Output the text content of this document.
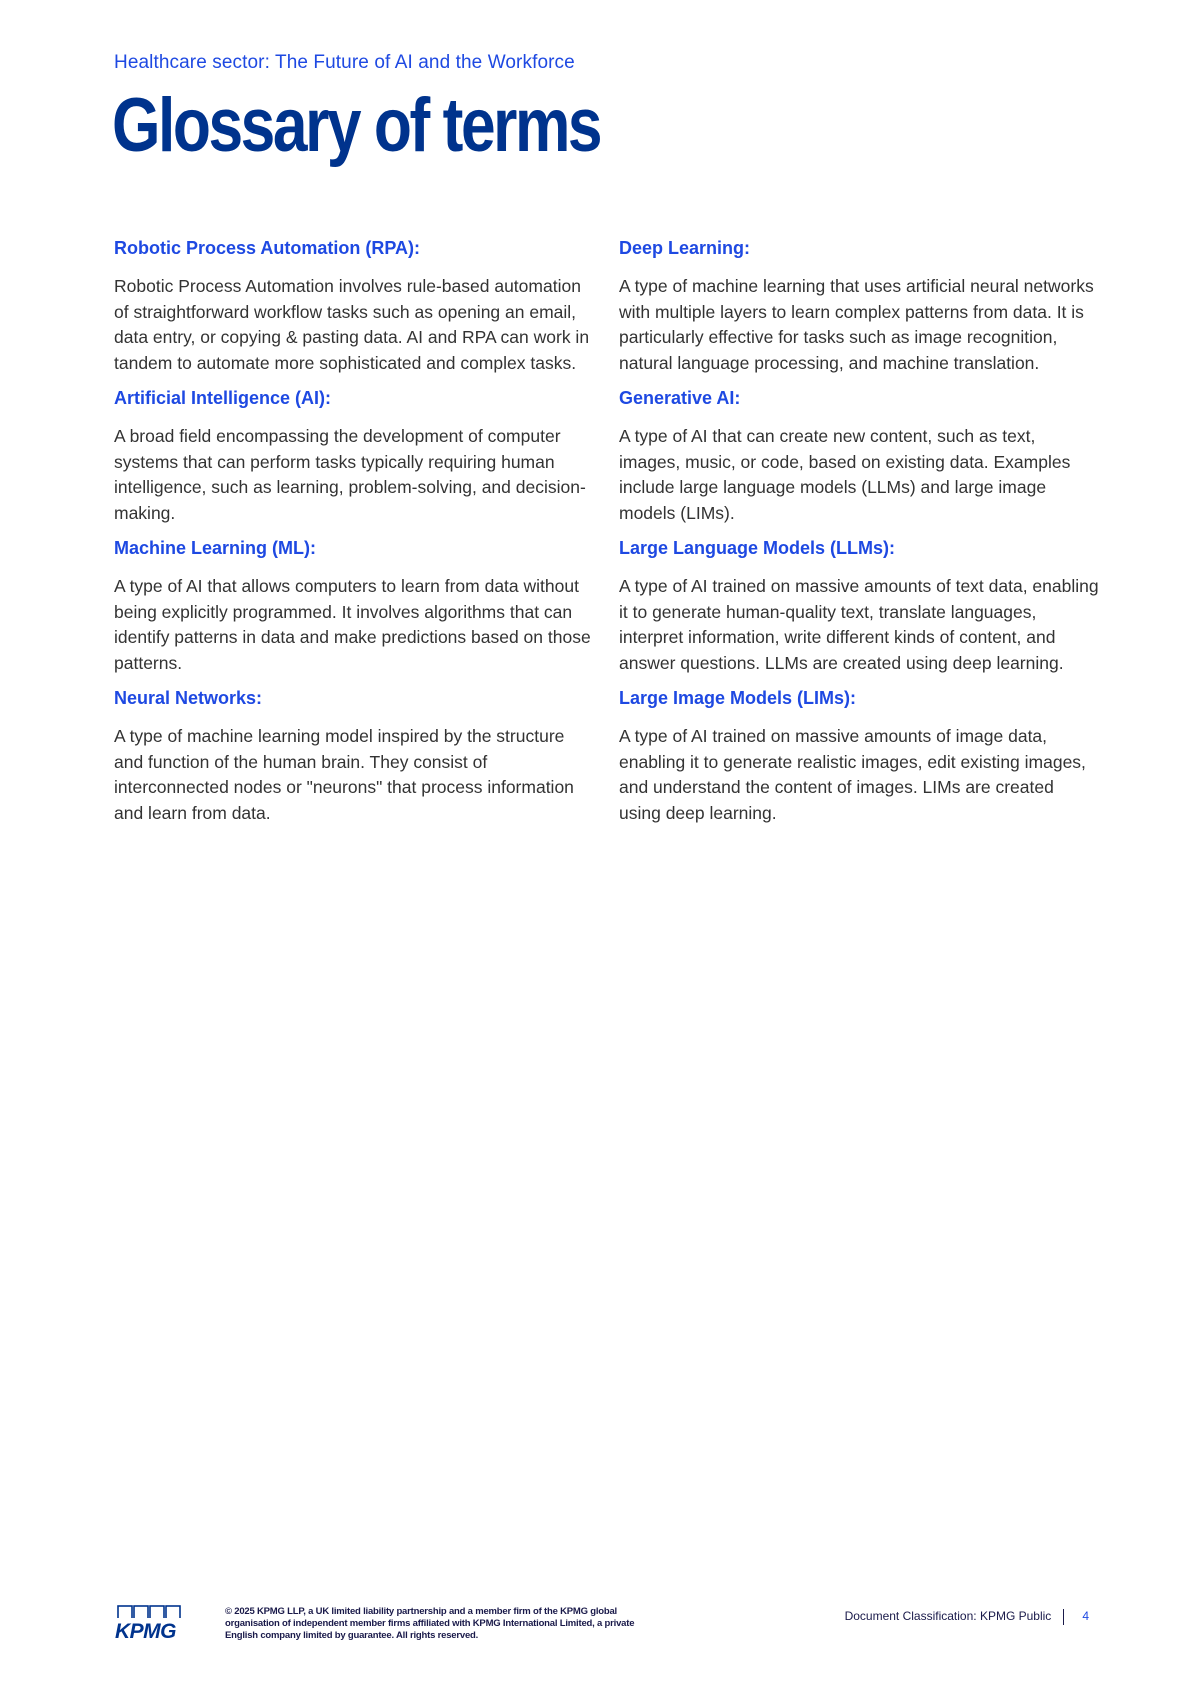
Healthcare sector: The Future of AI and the Workforce
Glossary of terms
Robotic Process Automation (RPA):

Robotic Process Automation involves rule-based automation of straightforward workflow tasks such as opening an email, data entry, or copying & pasting data. AI and RPA can work in tandem to automate more sophisticated and complex tasks.

Artificial Intelligence (AI):

A broad field encompassing the development of computer systems that can perform tasks typically requiring human intelligence, such as learning, problem-solving, and decision-making.

Machine Learning (ML):

A type of AI that allows computers to learn from data without being explicitly programmed. It involves algorithms that can identify patterns in data and make predictions based on those patterns.

Neural Networks:

A type of machine learning model inspired by the structure and function of the human brain. They consist of interconnected nodes or "neurons" that process information and learn from data.

Deep Learning:

A type of machine learning that uses artificial neural networks with multiple layers to learn complex patterns from data. It is particularly effective for tasks such as image recognition, natural language processing, and machine translation.

Generative AI:

A type of AI that can create new content, such as text, images, music, or code, based on existing data. Examples include large language models (LLMs) and large image models (LIMs).

Large Language Models (LLMs):

A type of AI trained on massive amounts of text data, enabling it to generate human-quality text, translate languages, interpret information, write different kinds of content, and answer questions. LLMs are created using deep learning.

Large Image Models (LIMs):

A type of AI trained on massive amounts of image data, enabling it to generate realistic images, edit existing images, and understand the content of images. LIMs are created using deep learning.

KPMG
© 2025 KPMG LLP, a UK limited liability partnership and a member firm of the KPMG global organisation of independent member firms affiliated with KPMG International Limited, a private English company limited by guarantee. All rights reserved.
Document Classification: KPMG Public	4
